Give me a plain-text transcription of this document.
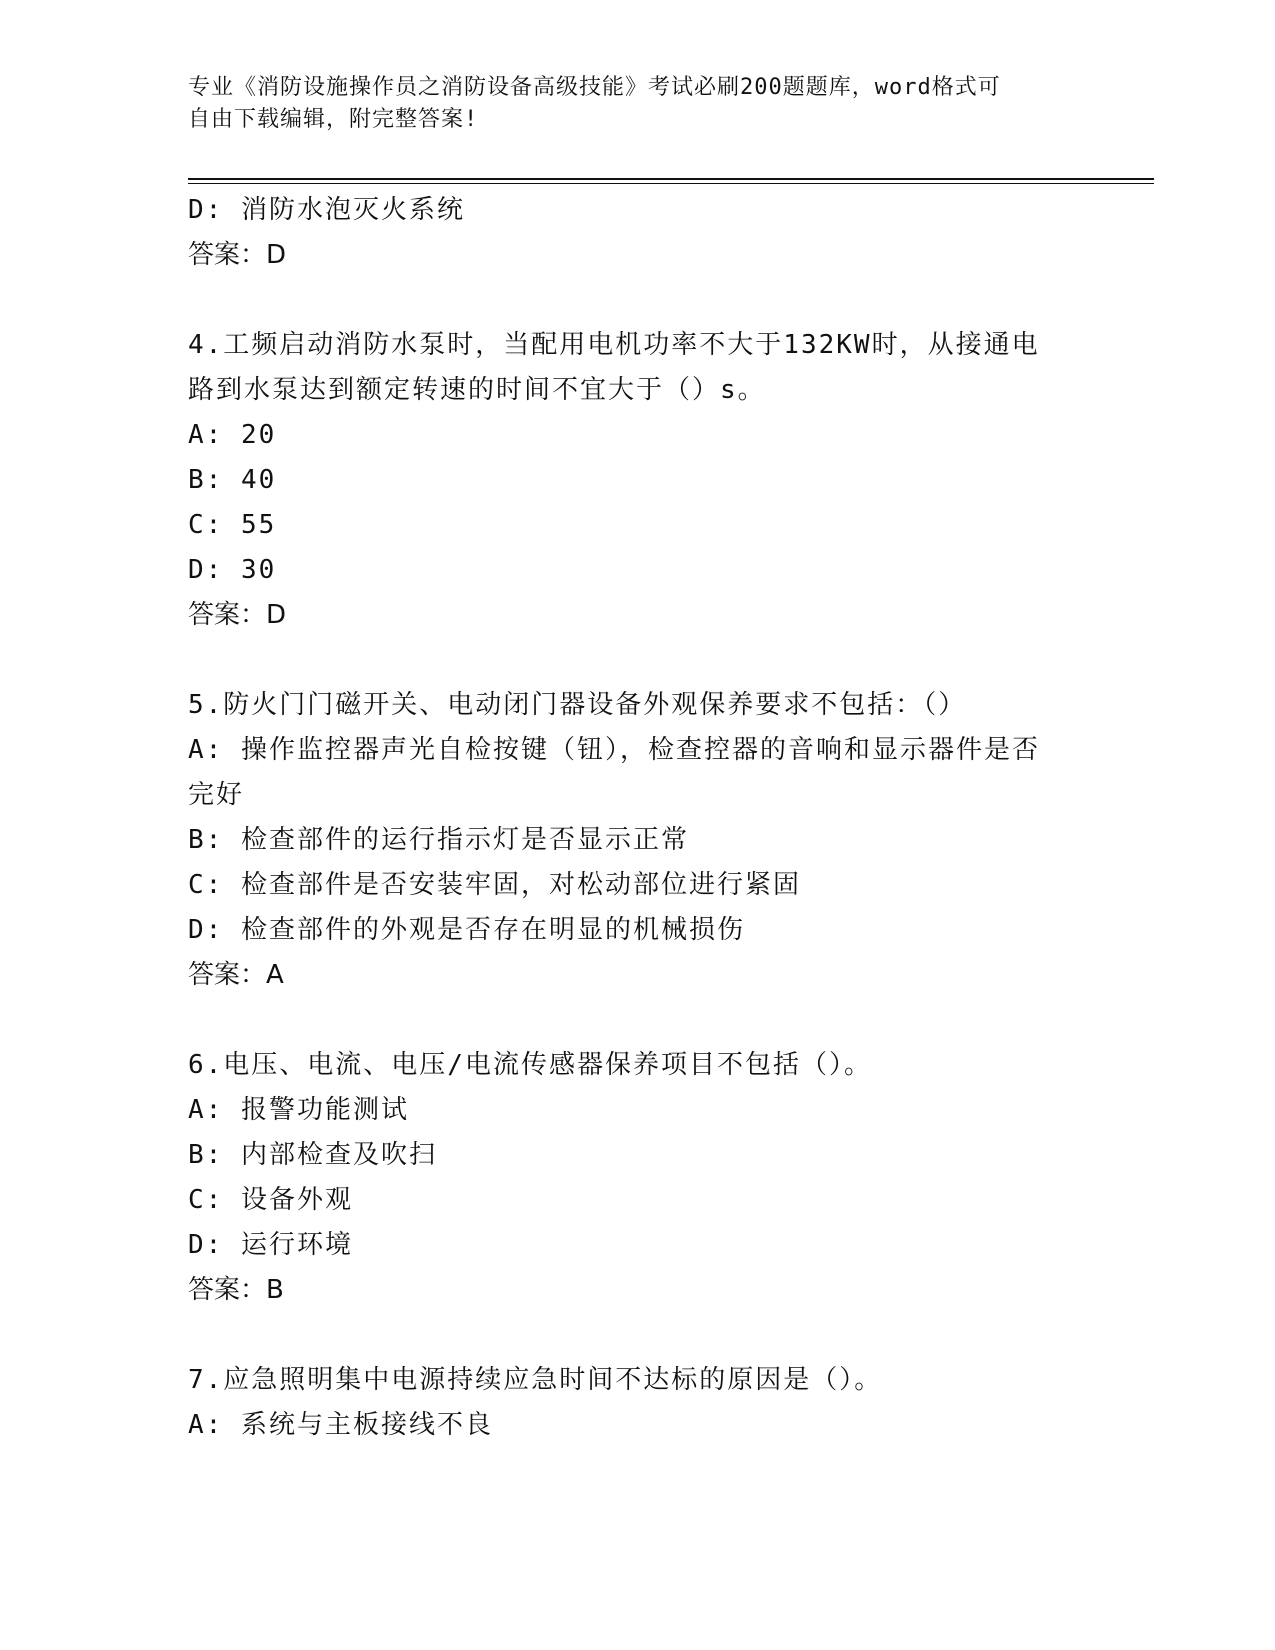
专业《消防设施操作员之消防设备高级技能》考试必刷200题题库，word格式可
自由下载编辑，附完整答案!

D: 消防水泡灭火系统

答案：D

4.工频启动消防水泵时，当配用电机功率不大于132KW时，从接通电

路到水泵达到额定转速的时间不宜大于（）s。

A: 20

B: 40

C: 55

D: 30

答案：D

5.防火门门磁开关、电动闭门器设备外观保养要求不包括：（）

A: 操作监控器声光自检按键（钮），检查控器的音响和显示器件是否

完好

B: 检查部件的运行指示灯是否显示正常

C: 检查部件是否安装牢固，对松动部位进行紧固

D: 检查部件的外观是否存在明显的机械损伤

答案：A

6.电压、电流、电压/电流传感器保养项目不包括（）。

A: 报警功能测试

B: 内部检查及吹扫

C: 设备外观

D: 运行环境

答案：B

7.应急照明集中电源持续应急时间不达标的原因是（）。

A: 系统与主板接线不良
